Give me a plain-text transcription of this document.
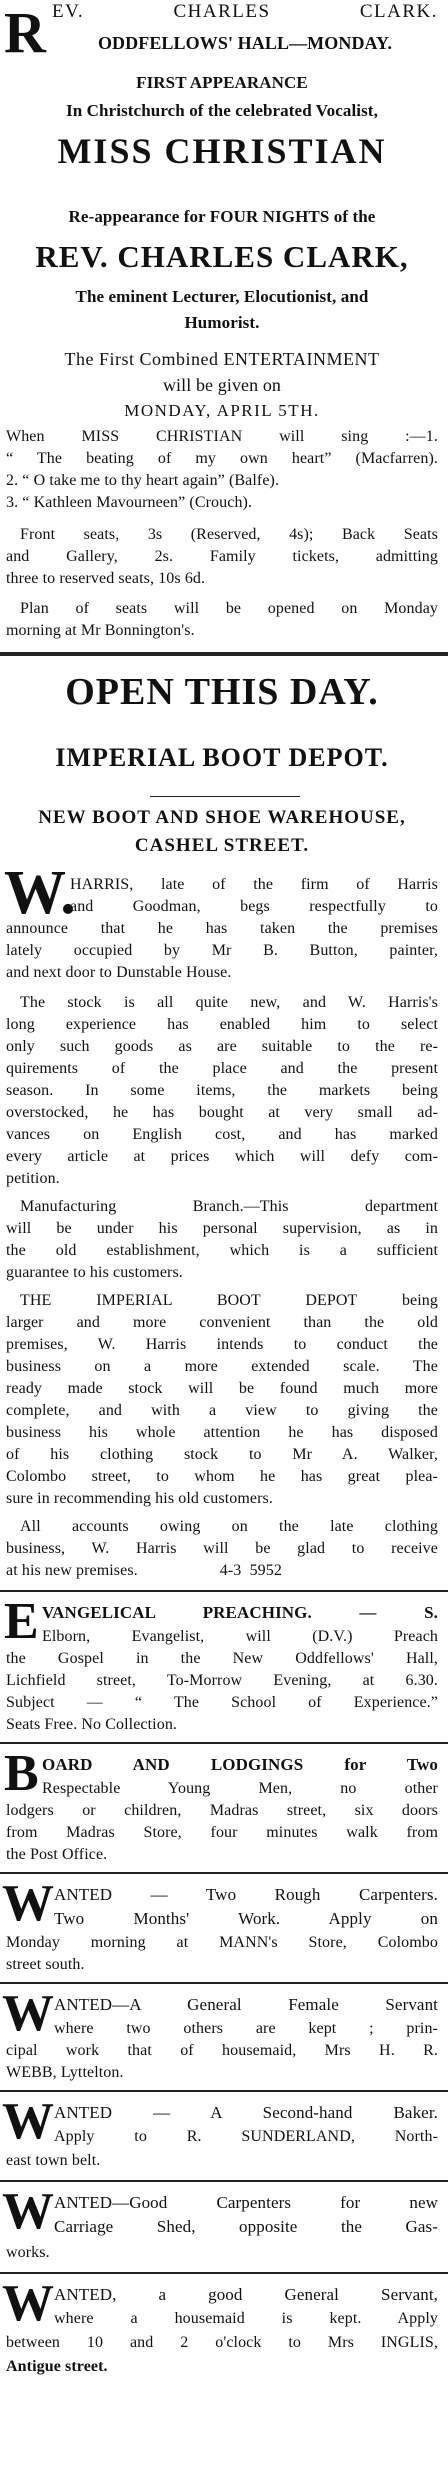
R EV. CHARLES CLARK.
ODDFELLOWS' HALL—MONDAY.
FIRST APPEARANCE
In Christchurch of the celebrated Vocalist,
MISS CHRISTIAN
Re-appearance for FOUR NIGHTS of the
REV. CHARLES CLARK,
The eminent Lecturer, Elocutionist, and
Humorist.
The First Combined ENTERTAINMENT
will be given on
MONDAY, APRIL 5TH.
When MISS CHRISTIAN will sing :—1.
“ The beating of my own heart” (Macfarren).
2. “ O take me to thy heart again” (Balfe).
3. “ Kathleen Mavourneen” (Crouch).
Front seats, 3s (Reserved, 4s); Back Seats
and Gallery, 2s. Family tickets, admitting
three to reserved seats, 10s 6d.
Plan of seats will be opened on Monday
morning at Mr Bonnington's.
OPEN THIS DAY.
IMPERIAL BOOT DEPOT.
NEW BOOT AND SHOE WAREHOUSE,
CASHEL STREET.
W.
HARRIS, late of the firm of Harris
and Goodman, begs respectfully to
announce that he has taken the premises
lately occupied by Mr B. Button, painter,
and next door to Dunstable House.
The stock is all quite new, and W. Harris's
long experience has enabled him to select
only such goods as are suitable to the re-
quirements of the place and the present
season. In some items, the markets being
overstocked, he has bought at very small ad-
vances on English cost, and has marked
every article at prices which will defy com-
petition.
Manufacturing Branch.—This department
will be under his personal supervision, as in
the old establishment, which is a sufficient
guarantee to his customers.
THE IMPERIAL BOOT DEPOT being
larger and more convenient than the old
premises, W. Harris intends to conduct the
business on a more extended scale. The
ready made stock will be found much more
complete, and with a view to giving the
business his whole attention he has disposed
of his clothing stock to Mr A. Walker,
Colombo street, to whom he has great plea-
sure in recommending his old customers.
All accounts owing on the late clothing
business, W. Harris will be glad to receive
at his new premises.                    4-3  5952
E VANGELICAL PREACHING. — S.
Elborn, Evangelist, will (D.V.) Preach
the Gospel in the New Oddfellows' Hall,
Lichfield street, To-Morrow Evening, at 6.30.
Subject — “ The School of Experience.”
Seats Free. No Collection.
B OARD AND LODGINGS for Two
Respectable Young Men, no other
lodgers or children, Madras street, six doors
from Madras Store, four minutes walk from
the Post Office.
W ANTED — Two Rough Carpenters.
Two Months' Work. Apply on
Monday morning at MANN's Store, Colombo
street south.
W ANTED—A General Female Servant
where two others are kept ; prin-
cipal work that of housemaid, Mrs H. R.
WEBB, Lyttelton.
W ANTED — A Second-hand Baker.
Apply to R. SUNDERLAND, North-
east town belt.
W ANTED—Good Carpenters for new
Carriage Shed, opposite the Gas-
works.
W ANTED, a good General Servant,
where a housemaid is kept. Apply
between 10 and 2 o'clock to Mrs INGLIS,
Antigue street.
